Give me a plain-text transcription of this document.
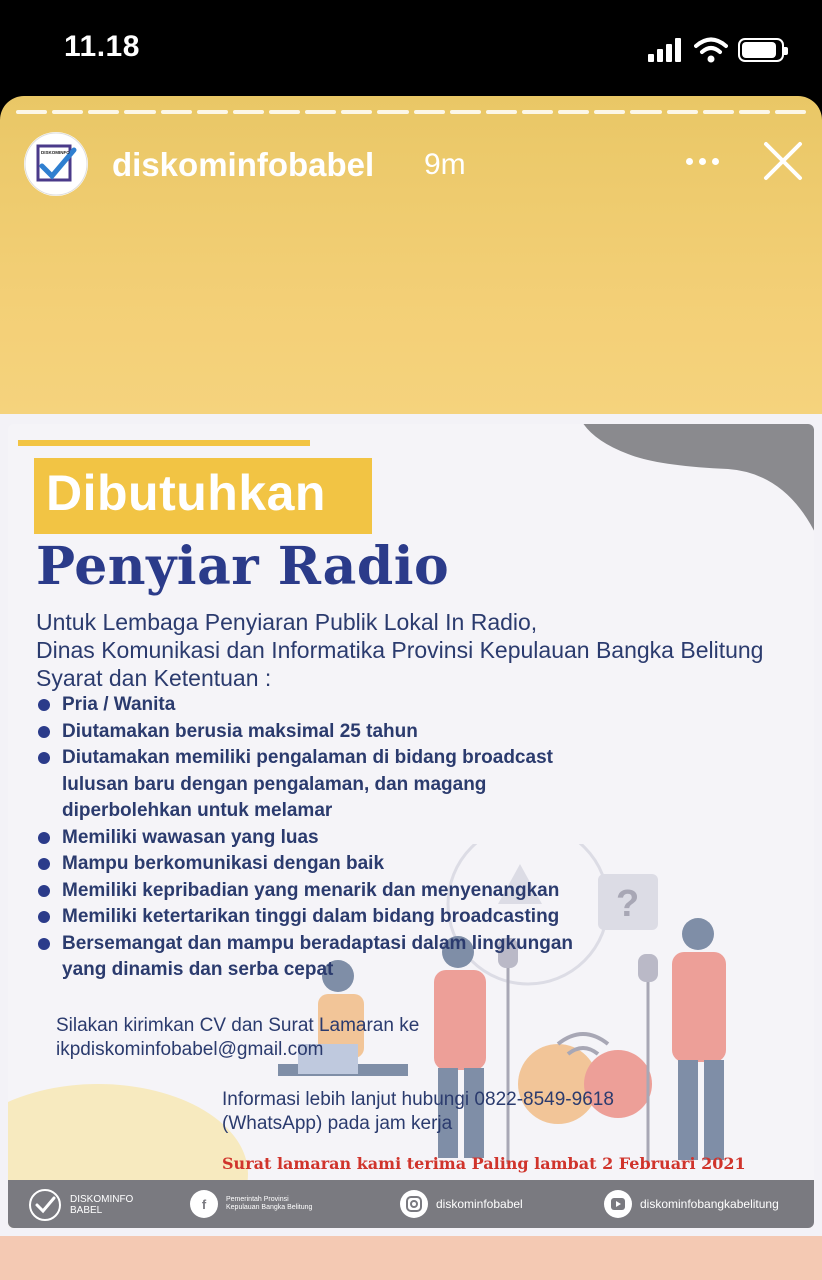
11.18
DISKOMINFO diskominfobabel 9m
Dibutuhkan
Penyiar Radio
Untuk Lembaga Penyiaran Publik Lokal In Radio,
Dinas Komunikasi dan Informatika Provinsi Kepulauan Bangka Belitung
Syarat dan Ketentuan :
?
Pria / Wanita
Diutamakan berusia maksimal 25 tahun
Diutamakan memiliki pengalaman di bidang broadcast lulusan baru dengan pengalaman, dan magang diperbolehkan untuk melamar
Memiliki wawasan yang luas
Mampu berkomunikasi dengan baik
Memiliki kepribadian yang menarik dan menyenangkan
Memiliki ketertarikan tinggi dalam bidang broadcasting
Bersemangat dan mampu beradaptasi dalam lingkungan yang dinamis dan serba cepat
Silakan kirimkan CV dan Surat Lamaran ke
ikpdiskominfobabel@gmail.com
Informasi lebih lanjut hubungi 0822-8549-9618
(WhatsApp) pada jam kerja
Surat lamaran kami terima Paling lambat 2 Februari 2021
DISKOMINFO
BABEL	f	Pemerintah Provinsi
Kepulauan Bangka Belitung	diskominfobabel	diskominfobangkabelitung
